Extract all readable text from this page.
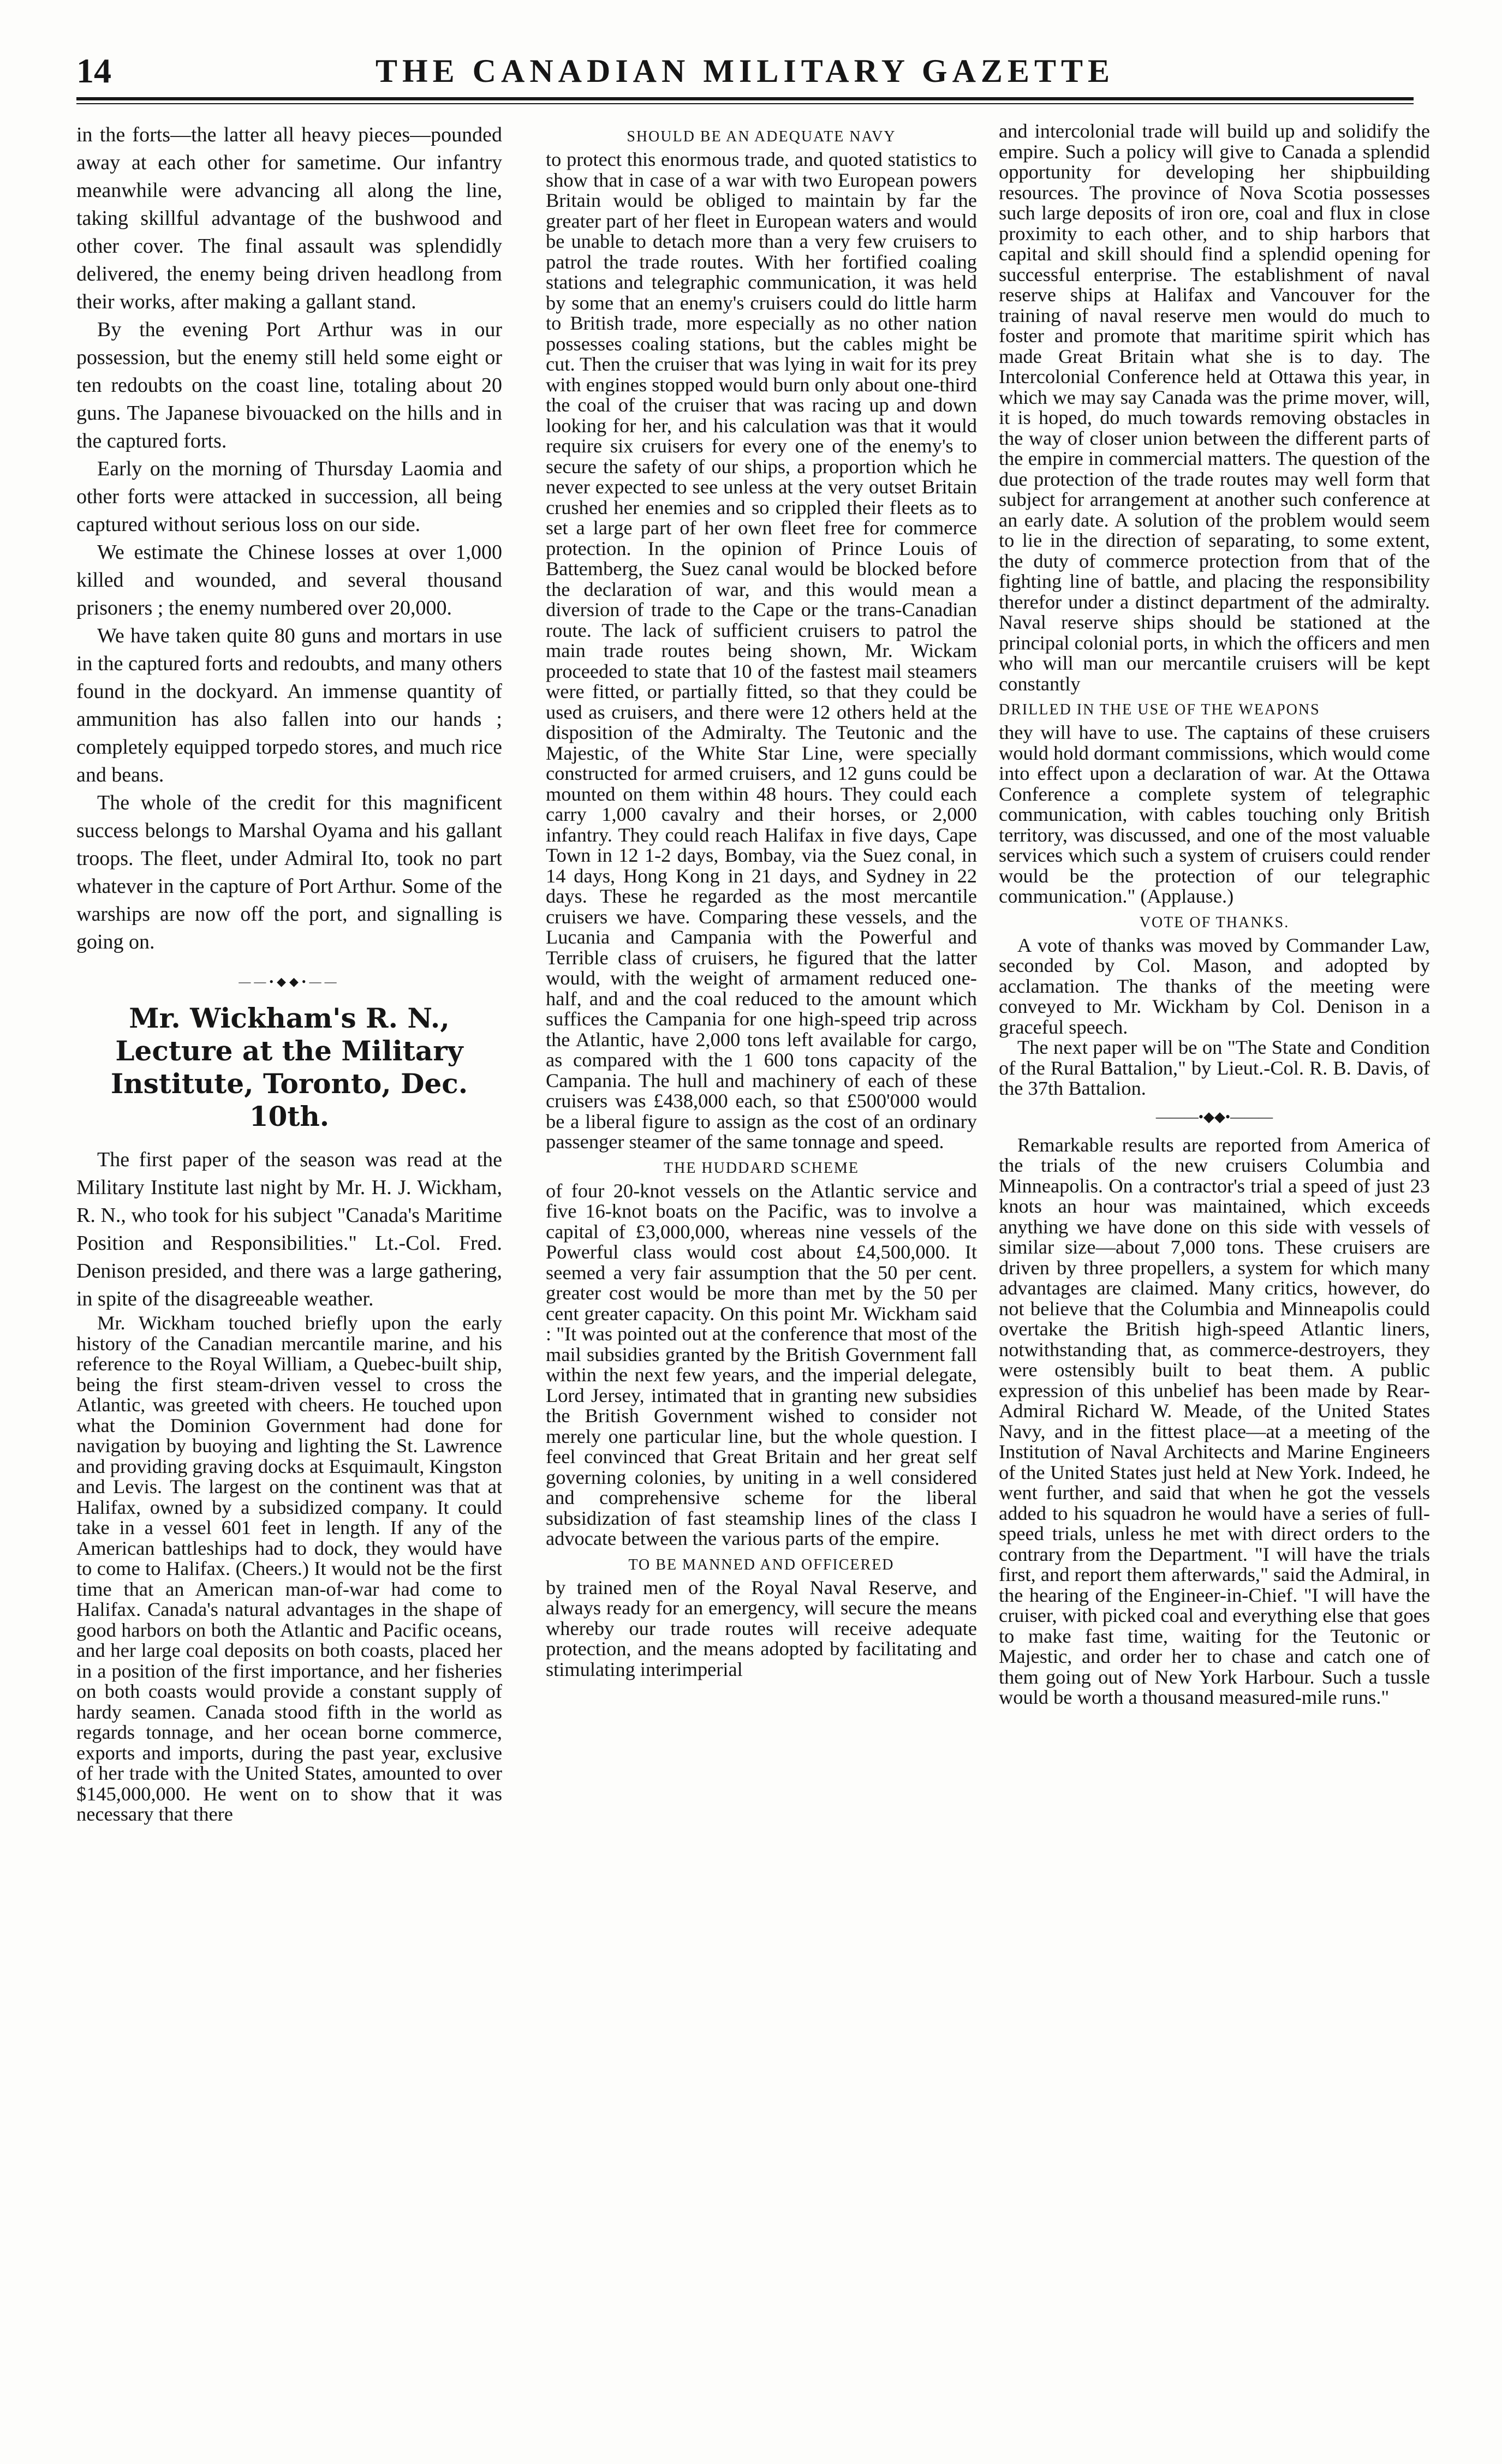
14	THE CANADIAN MILITARY GAZETTE

in the forts—the latter all heavy pieces—pounded away at each other for sametime. Our infantry meanwhile were advancing all along the line, taking skillful advantage of the bushwood and other cover. The final assault was splendidly delivered, the enemy being driven headlong from their works, after making a gallant stand.

By the evening Port Arthur was in our possession, but the enemy still held some eight or ten redoubts on the coast line, totaling about 20 guns. The Japanese bivouacked on the hills and in the captured forts.

Early on the morning of Thursday Laomia and other forts were attacked in succession, all being captured without serious loss on our side.

We estimate the Chinese losses at over 1,000 killed and wounded, and several thousand prisoners ; the enemy numbered over 20,000.

We have taken quite 80 guns and mortars in use in the captured forts and redoubts, and many others found in the dockyard. An immense quantity of ammunition has also fallen into our hands ; completely equipped torpedo stores, and much rice and beans.

The whole of the credit for this magnificent success belongs to Marshal Oyama and his gallant troops. The fleet, under Admiral Ito, took no part whatever in the capture of Port Arthur. Some of the warships are now off the port, and signalling is going on.

——•◆◆•——
Mr. Wickham's R. N., Lecture at the Military Institute, Toronto, Dec. 10th.

The first paper of the season was read at the Military Institute last night by Mr. H. J. Wickham, R. N., who took for his subject "Canada's Maritime Position and Responsibilities." Lt.-Col. Fred. Denison presided, and there was a large gathering, in spite of the disagreeable weather.

Mr. Wickham touched briefly upon the early history of the Canadian mercantile marine, and his reference to the Royal William, a Quebec-built ship, being the first steam-driven vessel to cross the Atlantic, was greeted with cheers. He touched upon what the Dominion Government had done for navigation by buoying and lighting the St. Lawrence and providing graving docks at Esquimault, Kingston and Levis. The largest on the continent was that at Halifax, owned by a subsidized company. It could take in a vessel 601 feet in length. If any of the American battleships had to dock, they would have to come to Halifax. (Cheers.) It would not be the first time that an American man-of-war had come to Halifax. Canada's natural advantages in the shape of good harbors on both the Atlantic and Pacific oceans, and her large coal deposits on both coasts, placed her in a position of the first importance, and her fisheries on both coasts would provide a constant supply of hardy seamen. Canada stood fifth in the world as regards tonnage, and her ocean borne commerce, exports and imports, during the past year, exclusive of her trade with the United States, amounted to over $145,000,000. He went on to show that it was necessary that there

SHOULD BE AN ADEQUATE NAVY

to protect this enormous trade, and quoted statistics to show that in case of a war with two European powers Britain would be obliged to maintain by far the greater part of her fleet in European waters and would be unable to detach more than a very few cruisers to patrol the trade routes. With her fortified coaling stations and telegraphic communication, it was held by some that an enemy's cruisers could do little harm to British trade, more especially as no other nation possesses coaling stations, but the cables might be cut. Then the cruiser that was lying in wait for its prey with engines stopped would burn only about one-third the coal of the cruiser that was racing up and down looking for her, and his calculation was that it would require six cruisers for every one of the enemy's to secure the safety of our ships, a proportion which he never expected to see unless at the very outset Britain crushed her enemies and so crippled their fleets as to set a large part of her own fleet free for commerce protection. In the opinion of Prince Louis of Battemberg, the Suez canal would be blocked before the declaration of war, and this would mean a diversion of trade to the Cape or the trans-Canadian route. The lack of sufficient cruisers to patrol the main trade routes being shown, Mr. Wickam proceeded to state that 10 of the fastest mail steamers were fitted, or partially fitted, so that they could be used as cruisers, and there were 12 others held at the disposition of the Admiralty. The Teutonic and the Majestic, of the White Star Line, were specially constructed for armed cruisers, and 12 guns could be mounted on them within 48 hours. They could each carry 1,000 cavalry and their horses, or 2,000 infantry. They could reach Halifax in five days, Cape Town in 12 1-2 days, Bombay, via the Suez conal, in 14 days, Hong Kong in 21 days, and Sydney in 22 days. These he regarded as the most mercantile cruisers we have. Comparing these vessels, and the Lucania and Campania with the Powerful and Terrible class of cruisers, he figured that the latter would, with the weight of armament reduced one-half, and and the coal reduced to the amount which suffices the Campania for one high-speed trip across the Atlantic, have 2,000 tons left available for cargo, as compared with the 1 600 tons capacity of the Campania. The hull and machinery of each of these cruisers was £438,000 each, so that £500'000 would be a liberal figure to assign as the cost of an ordinary passenger steamer of the same tonnage and speed.

THE HUDDARD SCHEME

of four 20-knot vessels on the Atlantic service and five 16-knot boats on the Pacific, was to involve a capital of £3,000,000, whereas nine vessels of the Powerful class would cost about £4,500,000. It seemed a very fair assumption that the 50 per cent. greater cost would be more than met by the 50 per cent greater capacity. On this point Mr. Wickham said : "It was pointed out at the conference that most of the mail subsidies granted by the British Government fall within the next few years, and the imperial delegate, Lord Jersey, intimated that in granting new subsidies the British Government wished to consider not merely one particular line, but the whole question. I feel convinced that Great Britain and her great self governing colonies, by uniting in a well considered and comprehensive scheme for the liberal subsidization of fast steamship lines of the class I advocate between the various parts of the empire.

TO BE MANNED AND OFFICERED

by trained men of the Royal Naval Reserve, and always ready for an emergency, will secure the means whereby our trade routes will receive adequate protection, and the means adopted by facilitating and stimulating interimperial

and intercolonial trade will build up and solidify the empire. Such a policy will give to Canada a splendid opportunity for developing her shipbuilding resources. The province of Nova Scotia possesses such large deposits of iron ore, coal and flux in close proximity to each other, and to ship harbors that capital and skill should find a splendid opening for successful enterprise. The establishment of naval reserve ships at Halifax and Vancouver for the training of naval reserve men would do much to foster and promote that maritime spirit which has made Great Britain what she is to day. The Intercolonial Conference held at Ottawa this year, in which we may say Canada was the prime mover, will, it is hoped, do much towards removing obstacles in the way of closer union between the different parts of the empire in commercial matters. The question of the due protection of the trade routes may well form that subject for arrangement at another such conference at an early date. A solution of the problem would seem to lie in the direction of separating, to some extent, the duty of commerce protection from that of the fighting line of battle, and placing the responsibility therefor under a distinct department of the admiralty. Naval reserve ships should be stationed at the principal colonial ports, in which the officers and men who will man our mercantile cruisers will be kept constantly

DRILLED IN THE USE OF THE WEAPONS

they will have to use. The captains of these cruisers would hold dormant commissions, which would come into effect upon a declaration of war. At the Ottawa Conference a complete system of telegraphic communication, with cables touching only British territory, was discussed, and one of the most valuable services which such a system of cruisers could render would be the protection of our telegraphic communication." (Applause.)

VOTE OF THANKS.

A vote of thanks was moved by Commander Law, seconded by Col. Mason, and adopted by acclamation. The thanks of the meeting were conveyed to Mr. Wickham by Col. Denison in a graceful speech.

The next paper will be on "The State and Condition of the Rural Battalion," by Lieut.-Col. R. B. Davis, of the 37th Battalion.

———•◆◆•———

Remarkable results are reported from America of the trials of the new cruisers Columbia and Minneapolis. On a contractor's trial a speed of just 23 knots an hour was maintained, which exceeds anything we have done on this side with vessels of similar size—about 7,000 tons. These cruisers are driven by three propellers, a system for which many advantages are claimed. Many critics, however, do not believe that the Columbia and Minneapolis could overtake the British high-speed Atlantic liners, notwithstanding that, as commerce-destroyers, they were ostensibly built to beat them. A public expression of this unbelief has been made by Rear-Admiral Richard W. Meade, of the United States Navy, and in the fittest place—at a meeting of the Institution of Naval Architects and Marine Engineers of the United States just held at New York. Indeed, he went further, and said that when he got the vessels added to his squadron he would have a series of full-speed trials, unless he met with direct orders to the contrary from the Department. "I will have the trials first, and report them afterwards," said the Admiral, in the hearing of the Engineer-in-Chief. "I will have the cruiser, with picked coal and everything else that goes to make fast time, waiting for the Teutonic or Majestic, and order her to chase and catch one of them going out of New York Harbour. Such a tussle would be worth a thousand measured-mile runs."
